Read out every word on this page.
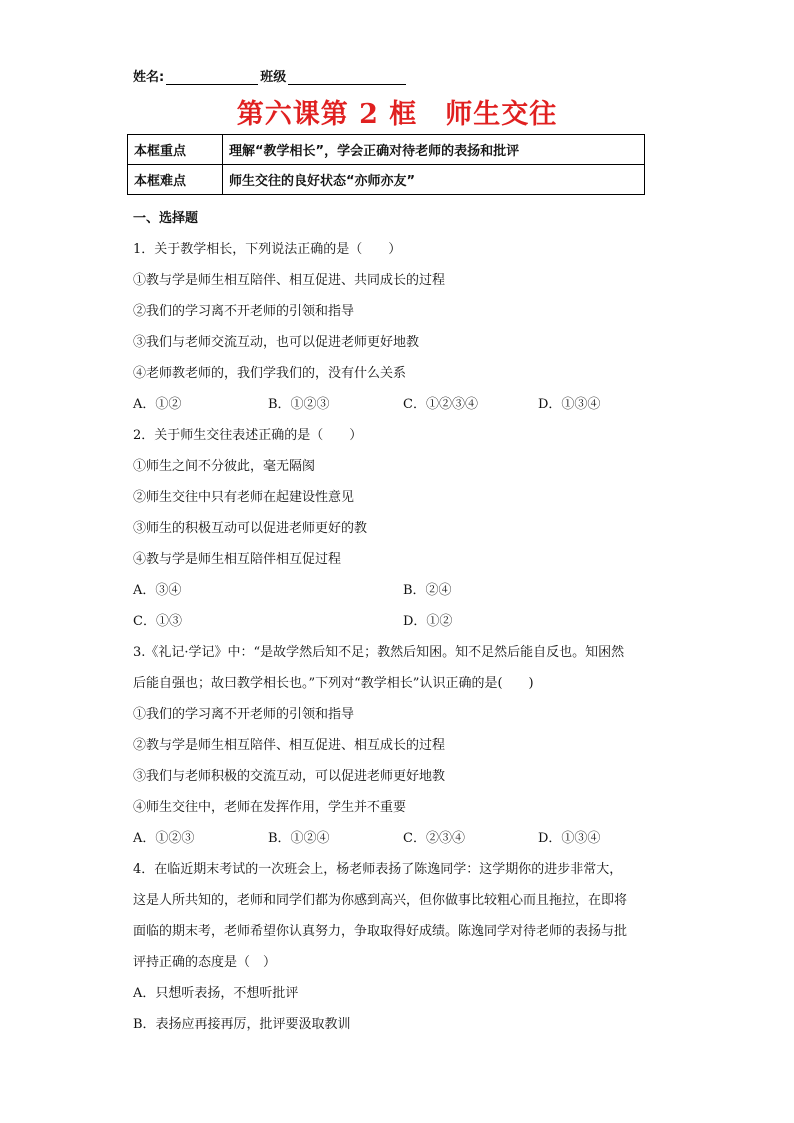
姓名:	班级
第六课第 2 框　师生交往
本框重点	理解“教学相长”，学会正确对待老师的表扬和批评
本框难点	师生交往的良好状态“亦师亦友”
一、选择题
1．关于教学相长，下列说法正确的是（　　）
①教与学是师生相互陪伴、相互促进、共同成长的过程
②我们的学习离不开老师的引领和指导
③我们与老师交流互动，也可以促进老师更好地教
④老师教老师的，我们学我们的，没有什么关系
A．①②	B．①②③	C．①②③④	D．①③④
2．关于师生交往表述正确的是（　　）
①师生之间不分彼此，毫无隔阂
②师生交往中只有老师在起建设性意见
③师生的积极互动可以促进老师更好的教
④教与学是师生相互陪伴相互促过程
A．③④	B．②④
C．①③	D．①②
3.《礼记·学记》中：“是故学然后知不足；教然后知困。知不足然后能自反也。知困然
后能自强也；故曰教学相长也。”下列对“教学相长”认识正确的是(　　)
①我们的学习离不开老师的引领和指导
②教与学是师生相互陪伴、相互促进、相互成长的过程
③我们与老师积极的交流互动，可以促进老师更好地教
④师生交往中，老师在发挥作用，学生并不重要
A．①②③	B．①②④	C．②③④	D．①③④
4．在临近期末考试的一次班会上，杨老师表扬了陈逸同学：这学期你的进步非常大，
这是人所共知的，老师和同学们都为你感到高兴，但你做事比较粗心而且拖拉，在即将
面临的期末考，老师希望你认真努力，争取取得好成绩。陈逸同学对待老师的表扬与批
评持正确的态度是（　）
A．只想听表扬，不想听批评
B．表扬应再接再厉，批评要汲取教训
